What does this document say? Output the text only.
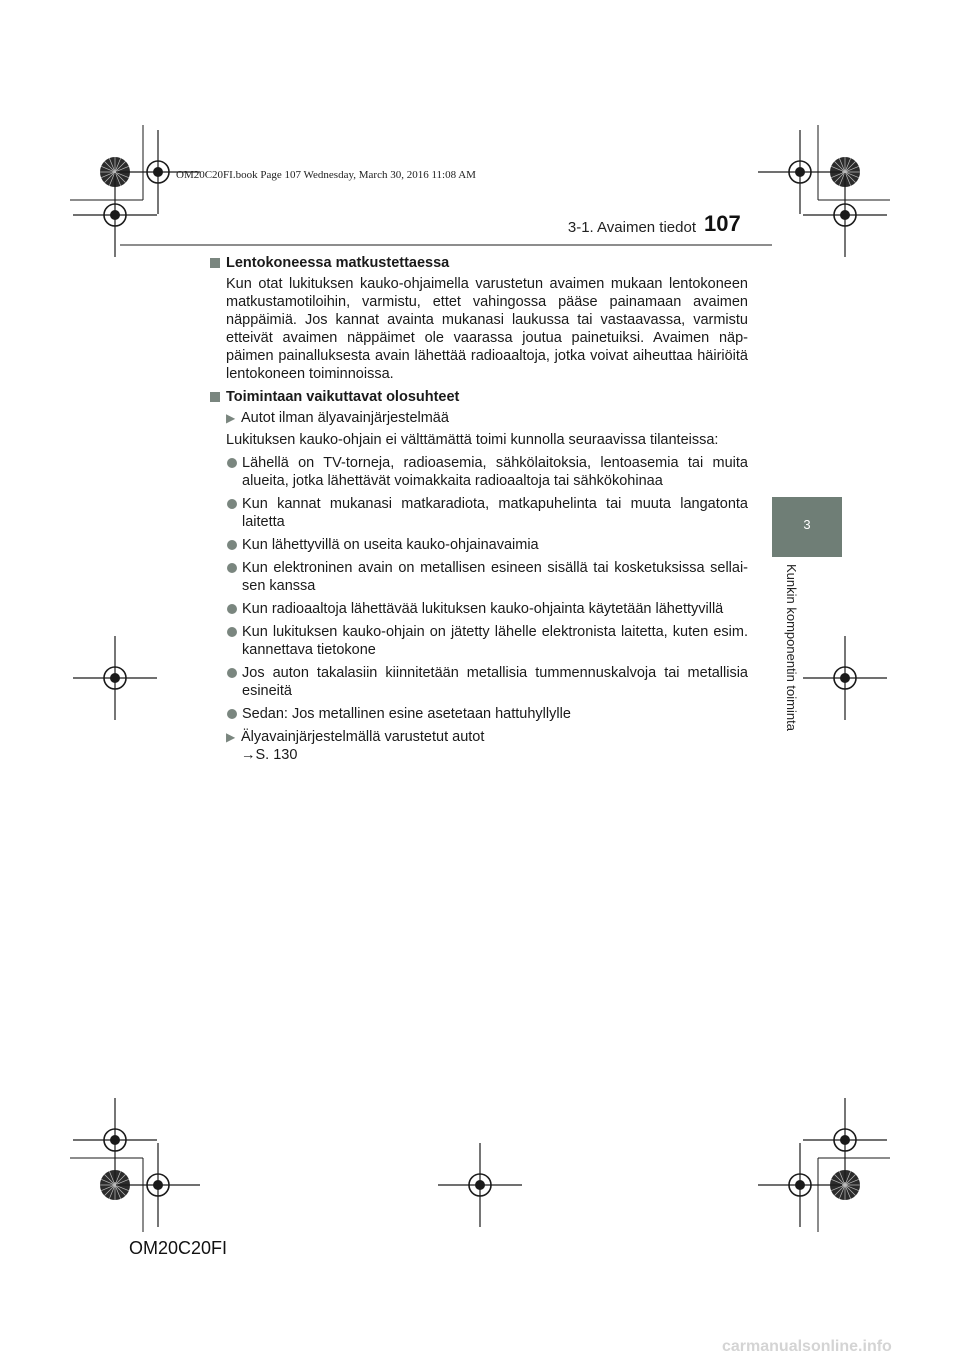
OM20C20FI.book Page 107 Wednesday, March 30, 2016 11:08 AM
3-1. Avaimen tiedot 107
3
Kunkin komponentin toiminta
Lentokoneessa matkustettaessa
Kun otat lukituksen kauko-ohjaimella varustetun avaimen mukaan lentokoneen matkustamotiloihin, varmistu, ettet vahingossa pääse painamaan avaimen näppäimiä. Jos kannat avainta mukanasi laukussa tai vastaavassa, varmistu etteivät avaimen näppäimet ole vaarassa joutua painetuiksi. Avaimen näp-päimen painalluksesta avain lähettää radioaaltoja, jotka voivat aiheuttaa häiriöitä lentokoneen toiminnoissa.
Toimintaan vaikuttavat olosuhteet
▶ Autot ilman älyavainjärjestelmää
Lukituksen kauko-ohjain ei välttämättä toimi kunnolla seuraavissa tilanteissa:
Lähellä on TV-torneja, radioasemia, sähkölaitoksia, lentoasemia tai muita alueita, jotka lähettävät voimakkaita radioaaltoja tai sähkökohinaa
Kun kannat mukanasi matkaradiota, matkapuhelinta tai muuta langatonta laitetta
Kun lähettyvillä on useita kauko-ohjainavaimia
Kun elektroninen avain on metallisen esineen sisällä tai kosketuksissa sellai-sen kanssa
Kun radioaaltoja lähettävää lukituksen kauko-ohjainta käytetään lähettyvillä
Kun lukituksen kauko-ohjain on jätetty lähelle elektronista laitetta, kuten esim. kannettava tietokone
Jos auton takalasiin kiinnitetään metallisia tummennuskalvoja tai metallisia esineitä
Sedan: Jos metallinen esine asetetaan hattuhyllylle
▶ Älyavainjärjestelmällä varustetut autot
→S. 130
OM20C20FI
carmanualsonline.info
